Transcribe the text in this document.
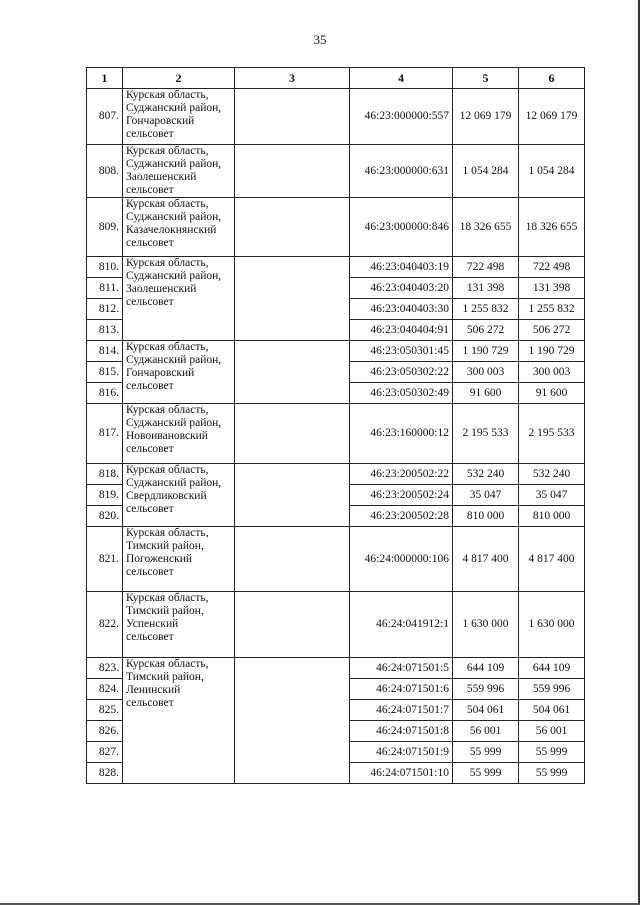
35
1	2	3	4	5	6
807.	Курская область,
Суджанский район,
Гончаровский
сельсовет		46:23:000000:557	12 069 179	12 069 179
808.	Курская область,
Суджанский район,
Заолешенский
сельсовет		46:23:000000:631	1 054 284	1 054 284
809.	Курская область,
Суджанский район,
Казачелокнянский
сельсовет		46:23:000000:846	18 326 655	18 326 655
810.	Курская область,
Суджанский район,
Заолешенский
сельсовет		46:23:040403:19	722 498	722 498
811.			46:23:040403:20	131 398	131 398
812.			46:23:040403:30	1 255 832	1 255 832
813.			46:23:040404:91	506 272	506 272
814.	Курская область,
Суджанский район,
Гончаровский
сельсовет		46:23:050301:45	1 190 729	1 190 729
815.			46:23:050302:22	300 003	300 003
816.			46:23:050302:49	91 600	91 600
817.	Курская область,
Суджанский район,
Новоивановский
сельсовет		46:23:160000:12	2 195 533	2 195 533
818.	Курская область,
Суджанский район,
Свердликовский
сельсовет		46:23:200502:22	532 240	532 240
819.			46:23:200502:24	35 047	35 047
820.			46:23:200502:28	810 000	810 000
821.	Курская область,
Тимский район,
Погоженский
сельсовет		46:24:000000:106	4 817 400	4 817 400
822.	Курская область,
Тимский район,
Успенский
сельсовет		46:24:041912:1	1 630 000	1 630 000
823.	Курская область,
Тимский район,
Ленинский
сельсовет		46:24:071501:5	644 109	644 109
824.			46:24:071501:6	559 996	559 996
825.			46:24:071501:7	504 061	504 061
826.			46:24:071501:8	56 001	56 001
827.			46:24:071501:9	55 999	55 999
828.			46:24:071501:10	55 999	55 999
